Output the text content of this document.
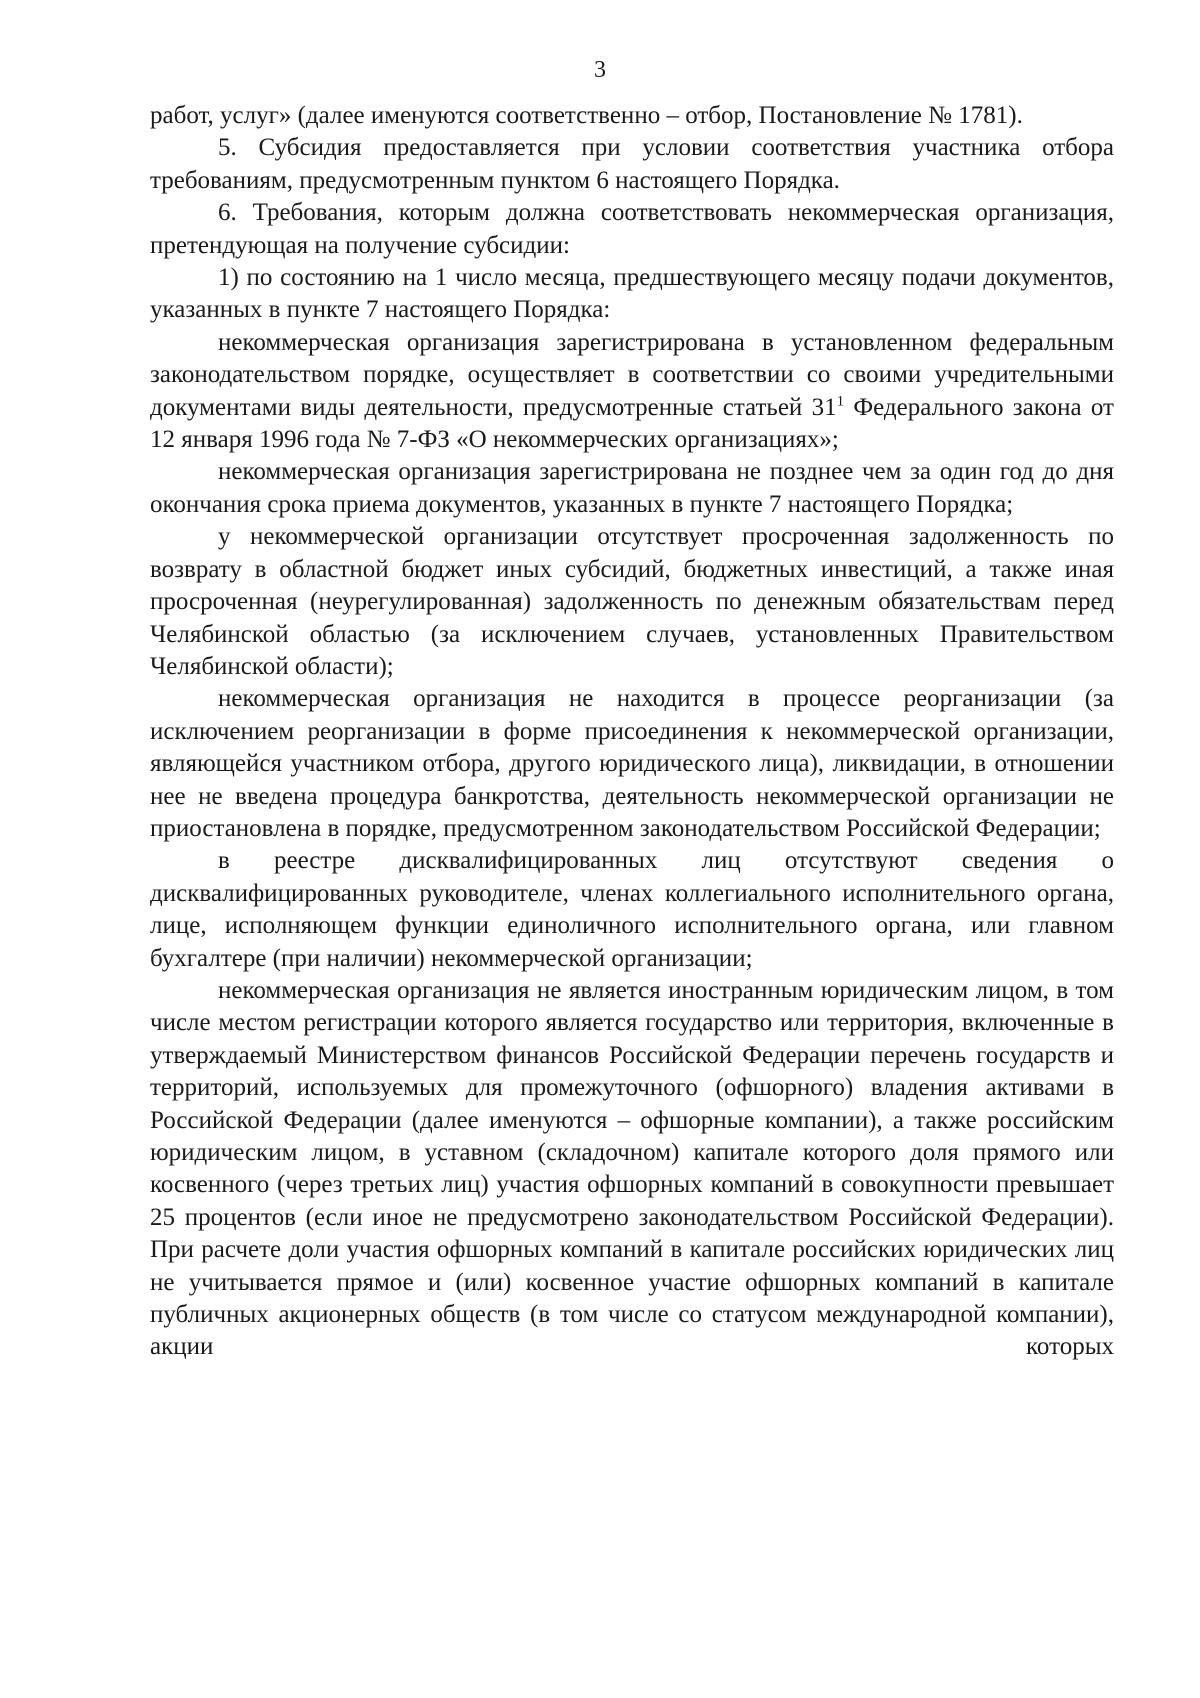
3

работ, услуг» (далее именуются соответственно – отбор, Постановление № 1781).

5. Субсидия предоставляется при условии соответствия участника отбора требованиям, предусмотренным пунктом 6 настоящего Порядка.

6. Требования, которым должна соответствовать некоммерческая организация, претендующая на получение субсидии:

1) по состоянию на 1 число месяца, предшествующего месяцу подачи документов, указанных в пункте 7 настоящего Порядка:

некоммерческая организация зарегистрирована в установленном федеральным законодательством порядке, осуществляет в соответствии со своими учредительными документами виды деятельности, предусмотренные статьей 31$^1$ Федерального закона от 12 января 1996 года № 7-ФЗ «О некоммерческих организациях»;

некоммерческая организация зарегистрирована не позднее чем за один год до дня окончания срока приема документов, указанных в пункте 7 настоящего Порядка;

у некоммерческой организации отсутствует просроченная задолженность по возврату в областной бюджет иных субсидий, бюджетных инвестиций, а также иная просроченная (неурегулированная) задолженность по денежным обязательствам перед Челябинской областью (за исключением случаев, установленных Правительством Челябинской области);

некоммерческая организация не находится в процессе реорганизации (за исключением реорганизации в форме присоединения к некоммерческой организации, являющейся участником отбора, другого юридического лица), ликвидации, в отношении нее не введена процедура банкротства, деятельность некоммерческой организации не приостановлена в порядке, предусмотренном законодательством Российской Федерации;

в реестре дисквалифицированных лиц отсутствуют сведения о дисквалифицированных руководителе, членах коллегиального исполнительного органа, лице, исполняющем функции единоличного исполнительного органа, или главном бухгалтере (при наличии) некоммерческой организации;

некоммерческая организация не является иностранным юридическим лицом, в том числе местом регистрации которого является государство или территория, включенные в утверждаемый Министерством финансов Российской Федерации перечень государств и территорий, используемых для промежуточного (офшорного) владения активами в Российской Федерации (далее именуются – офшорные компании), а также российским юридическим лицом, в уставном (складочном) капитале которого доля прямого или косвенного (через третьих лиц) участия офшорных компаний в совокупности превышает 25 процентов (если иное не предусмотрено законодательством Российской Федерации). При расчете доли участия офшорных компаний в капитале российских юридических лиц не учитывается прямое и (или) косвенное участие офшорных компаний в капитале публичных акционерных обществ (в том числе со статусом международной компании), акции которых
